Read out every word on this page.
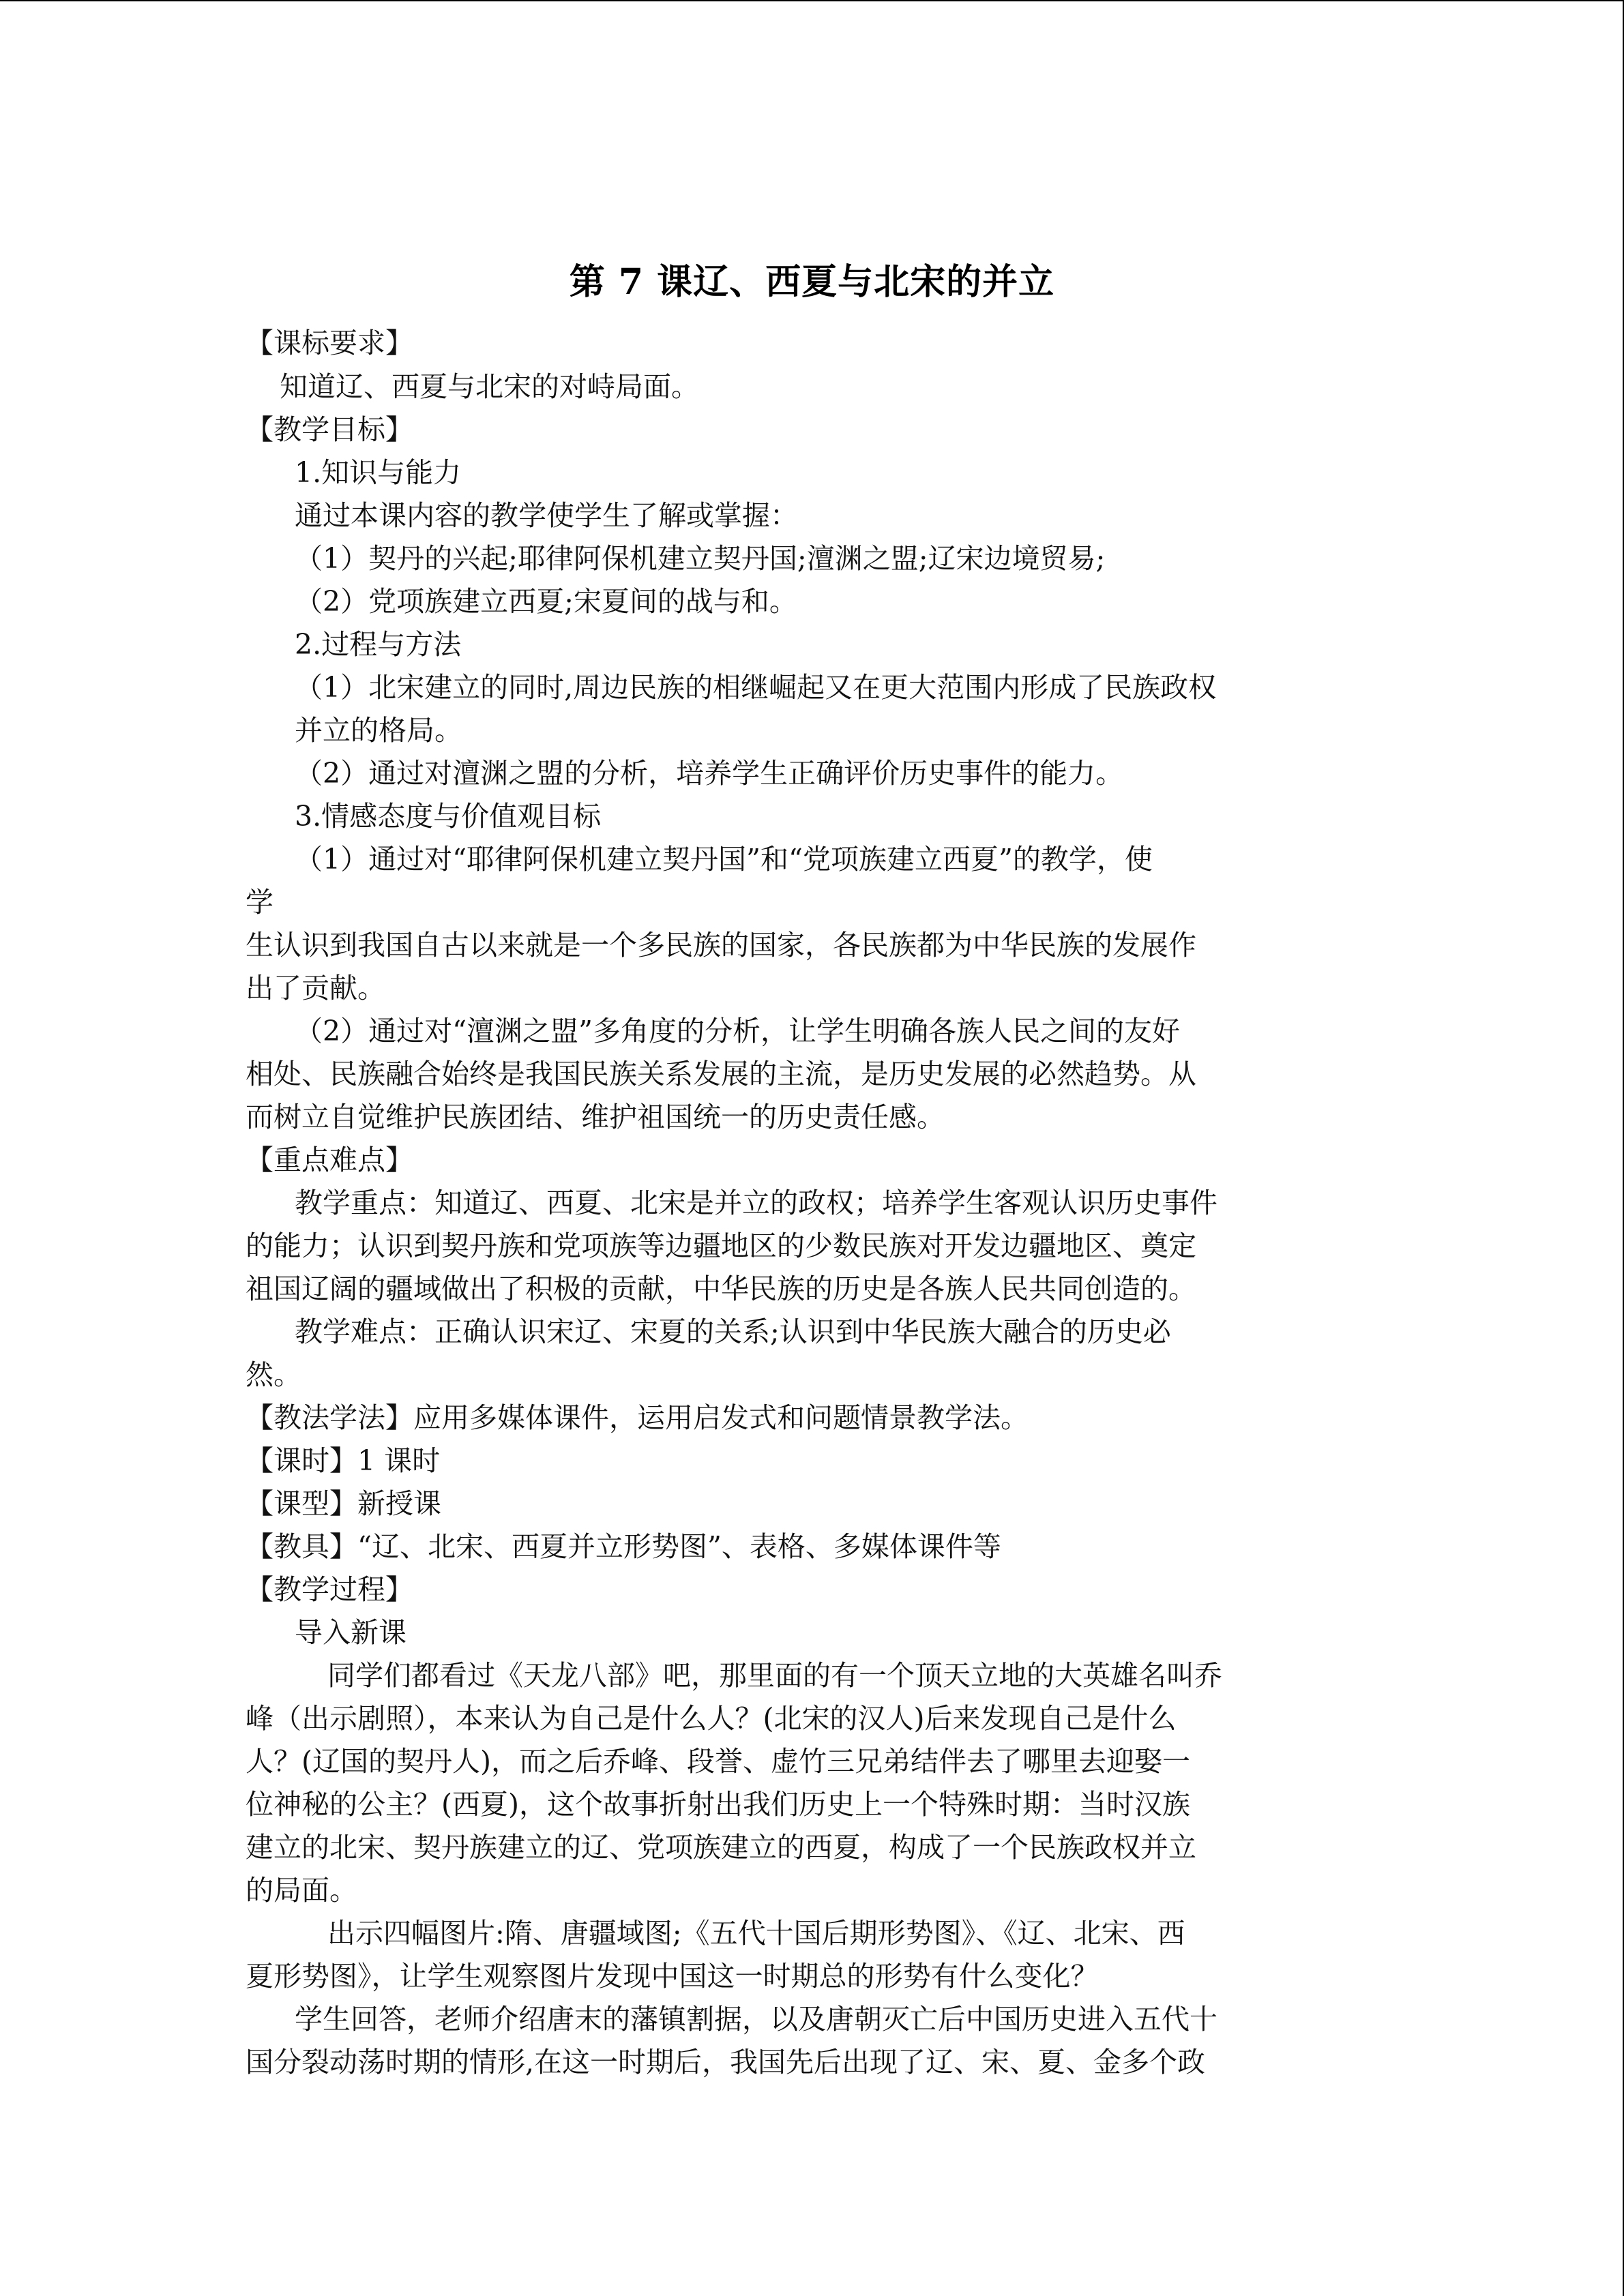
第 7 课辽、西夏与北宋的并立
【课标要求】
知道辽、西夏与北宋的对峙局面。
【教学目标】
1.知识与能力
通过本课内容的教学使学生了解或掌握：
（1）契丹的兴起;耶律阿保机建立契丹国;澶渊之盟;辽宋边境贸易;
（2）党项族建立西夏;宋夏间的战与和。
2.过程与方法
（1）北宋建立的同时,周边民族的相继崛起又在更大范围内形成了民族政权
并立的格局。
（2）通过对澶渊之盟的分析，培养学生正确评价历史事件的能力。
3.情感态度与价值观目标
（1）通过对“耶律阿保机建立契丹国”和“党项族建立西夏”的教学，使
学
生认识到我国自古以来就是一个多民族的国家，各民族都为中华民族的发展作
出了贡献。
（2）通过对“澶渊之盟”多角度的分析，让学生明确各族人民之间的友好
相处、民族融合始终是我国民族关系发展的主流，是历史发展的必然趋势。从
而树立自觉维护民族团结、维护祖国统一的历史责任感。
【重点难点】
教学重点：知道辽、西夏、北宋是并立的政权；培养学生客观认识历史事件
的能力；认识到契丹族和党项族等边疆地区的少数民族对开发边疆地区、奠定
祖国辽阔的疆域做出了积极的贡献，中华民族的历史是各族人民共同创造的。
教学难点：正确认识宋辽、宋夏的关系;认识到中华民族大融合的历史必
然。
【教法学法】应用多媒体课件，运用启发式和问题情景教学法。
【课时】1 课时
【课型】新授课
【教具】“辽、北宋、西夏并立形势图”、表格、多媒体课件等
【教学过程】
导入新课
同学们都看过《天龙八部》吧，那里面的有一个顶天立地的大英雄名叫乔
峰（出示剧照），本来认为自己是什么人？(北宋的汉人)后来发现自己是什么
人？(辽国的契丹人)，而之后乔峰、段誉、虚竹三兄弟结伴去了哪里去迎娶一
位神秘的公主？(西夏)，这个故事折射出我们历史上一个特殊时期：当时汉族
建立的北宋、契丹族建立的辽、党项族建立的西夏，构成了一个民族政权并立
的局面。
出示四幅图片:隋、唐疆域图;《五代十国后期形势图》、《辽、北宋、西
夏形势图》，让学生观察图片发现中国这一时期总的形势有什么变化？
学生回答，老师介绍唐末的藩镇割据，以及唐朝灭亡后中国历史进入五代十
国分裂动荡时期的情形,在这一时期后，我国先后出现了辽、宋、夏、金多个政
